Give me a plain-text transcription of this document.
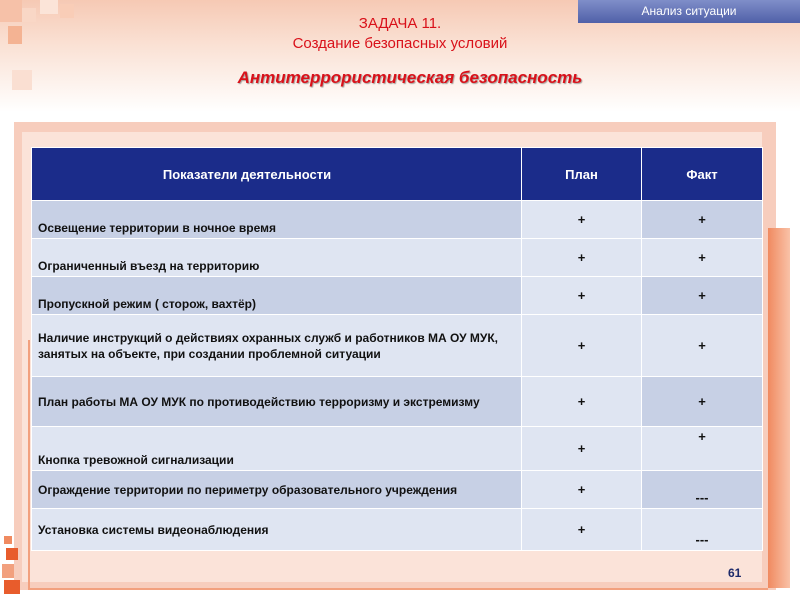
Анализ ситуации
ЗАДАЧА 11.
Создание безопасных условий
Антитеррористическая безопасность
Показатели деятельности	План	Факт
Освещение территории в ночное время	+	+
Ограниченный въезд на территорию	+	+
Пропускной режим ( сторож, вахтёр)	+	+
Наличие инструкций о действиях охранных служб и работников МА ОУ МУК, занятых на объекте, при создании проблемной ситуации	+	+
План работы МА ОУ МУК по противодействию терроризму и экстремизму	+	+
Кнопка тревожной сигнализации	+	+
Ограждение территории по периметру образовательного учреждения	+	---
Установка системы видеонаблюдения	+	---
61
